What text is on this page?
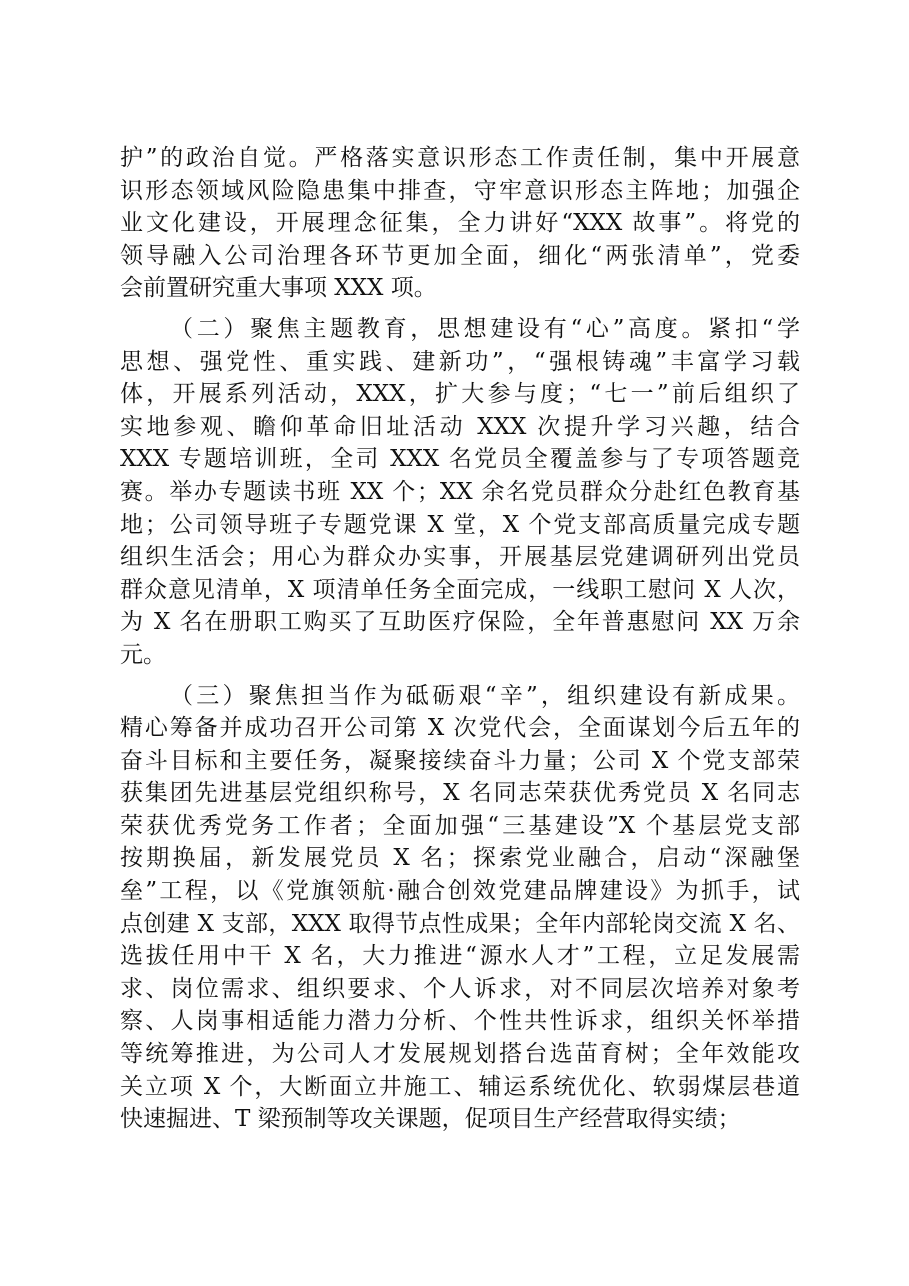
护”的政治自觉。严格落实意识形态工作责任制，集中开展意
识形态领域风险隐患集中排查，守牢意识形态主阵地；加强企
业文化建设，开展理念征集，全力讲好“XXX 故事”。将党的
领导融入公司治理各环节更加全面，细化“两张清单”，党委
会前置研究重大事项 XXX 项。
（二）聚焦主题教育，思想建设有“心”高度。紧扣“学
思想、强党性、重实践、建新功”，“强根铸魂”丰富学习载
体，开展系列活动，XXX，扩大参与度；“七一”前后组织了
实地参观、瞻仰革命旧址活动 XXX 次提升学习兴趣，结合
XXX 专题培训班，全司 XXX 名党员全覆盖参与了专项答题竞
赛。举办专题读书班 XX 个；XX 余名党员群众分赴红色教育基
地；公司领导班子专题党课 X 堂，X 个党支部高质量完成专题
组织生活会；用心为群众办实事，开展基层党建调研列出党员
群众意见清单，X 项清单任务全面完成，一线职工慰问 X 人次，
为 X 名在册职工购买了互助医疗保险，全年普惠慰问 XX 万余
元。
（三）聚焦担当作为砥砺艰“辛”，组织建设有新成果。
精心筹备并成功召开公司第 X 次党代会，全面谋划今后五年的
奋斗目标和主要任务，凝聚接续奋斗力量；公司 X 个党支部荣
获集团先进基层党组织称号，X 名同志荣获优秀党员 X 名同志
荣获优秀党务工作者；全面加强“三基建设”X 个基层党支部
按期换届，新发展党员 X 名；探索党业融合，启动“深融堡
垒”工程，以《党旗领航·融合创效党建品牌建设》为抓手，试
点创建 X 支部，XXX 取得节点性成果；全年内部轮岗交流 X 名、
选拔任用中干 X 名，大力推进“源水人才”工程，立足发展需
求、岗位需求、组织要求、个人诉求，对不同层次培养对象考
察、人岗事相适能力潜力分析、个性共性诉求，组织关怀举措
等统筹推进，为公司人才发展规划搭台选苗育树；全年效能攻
关立项 X 个，大断面立井施工、辅运系统优化、软弱煤层巷道
快速掘进、T 梁预制等攻关课题，促项目生产经营取得实绩；
